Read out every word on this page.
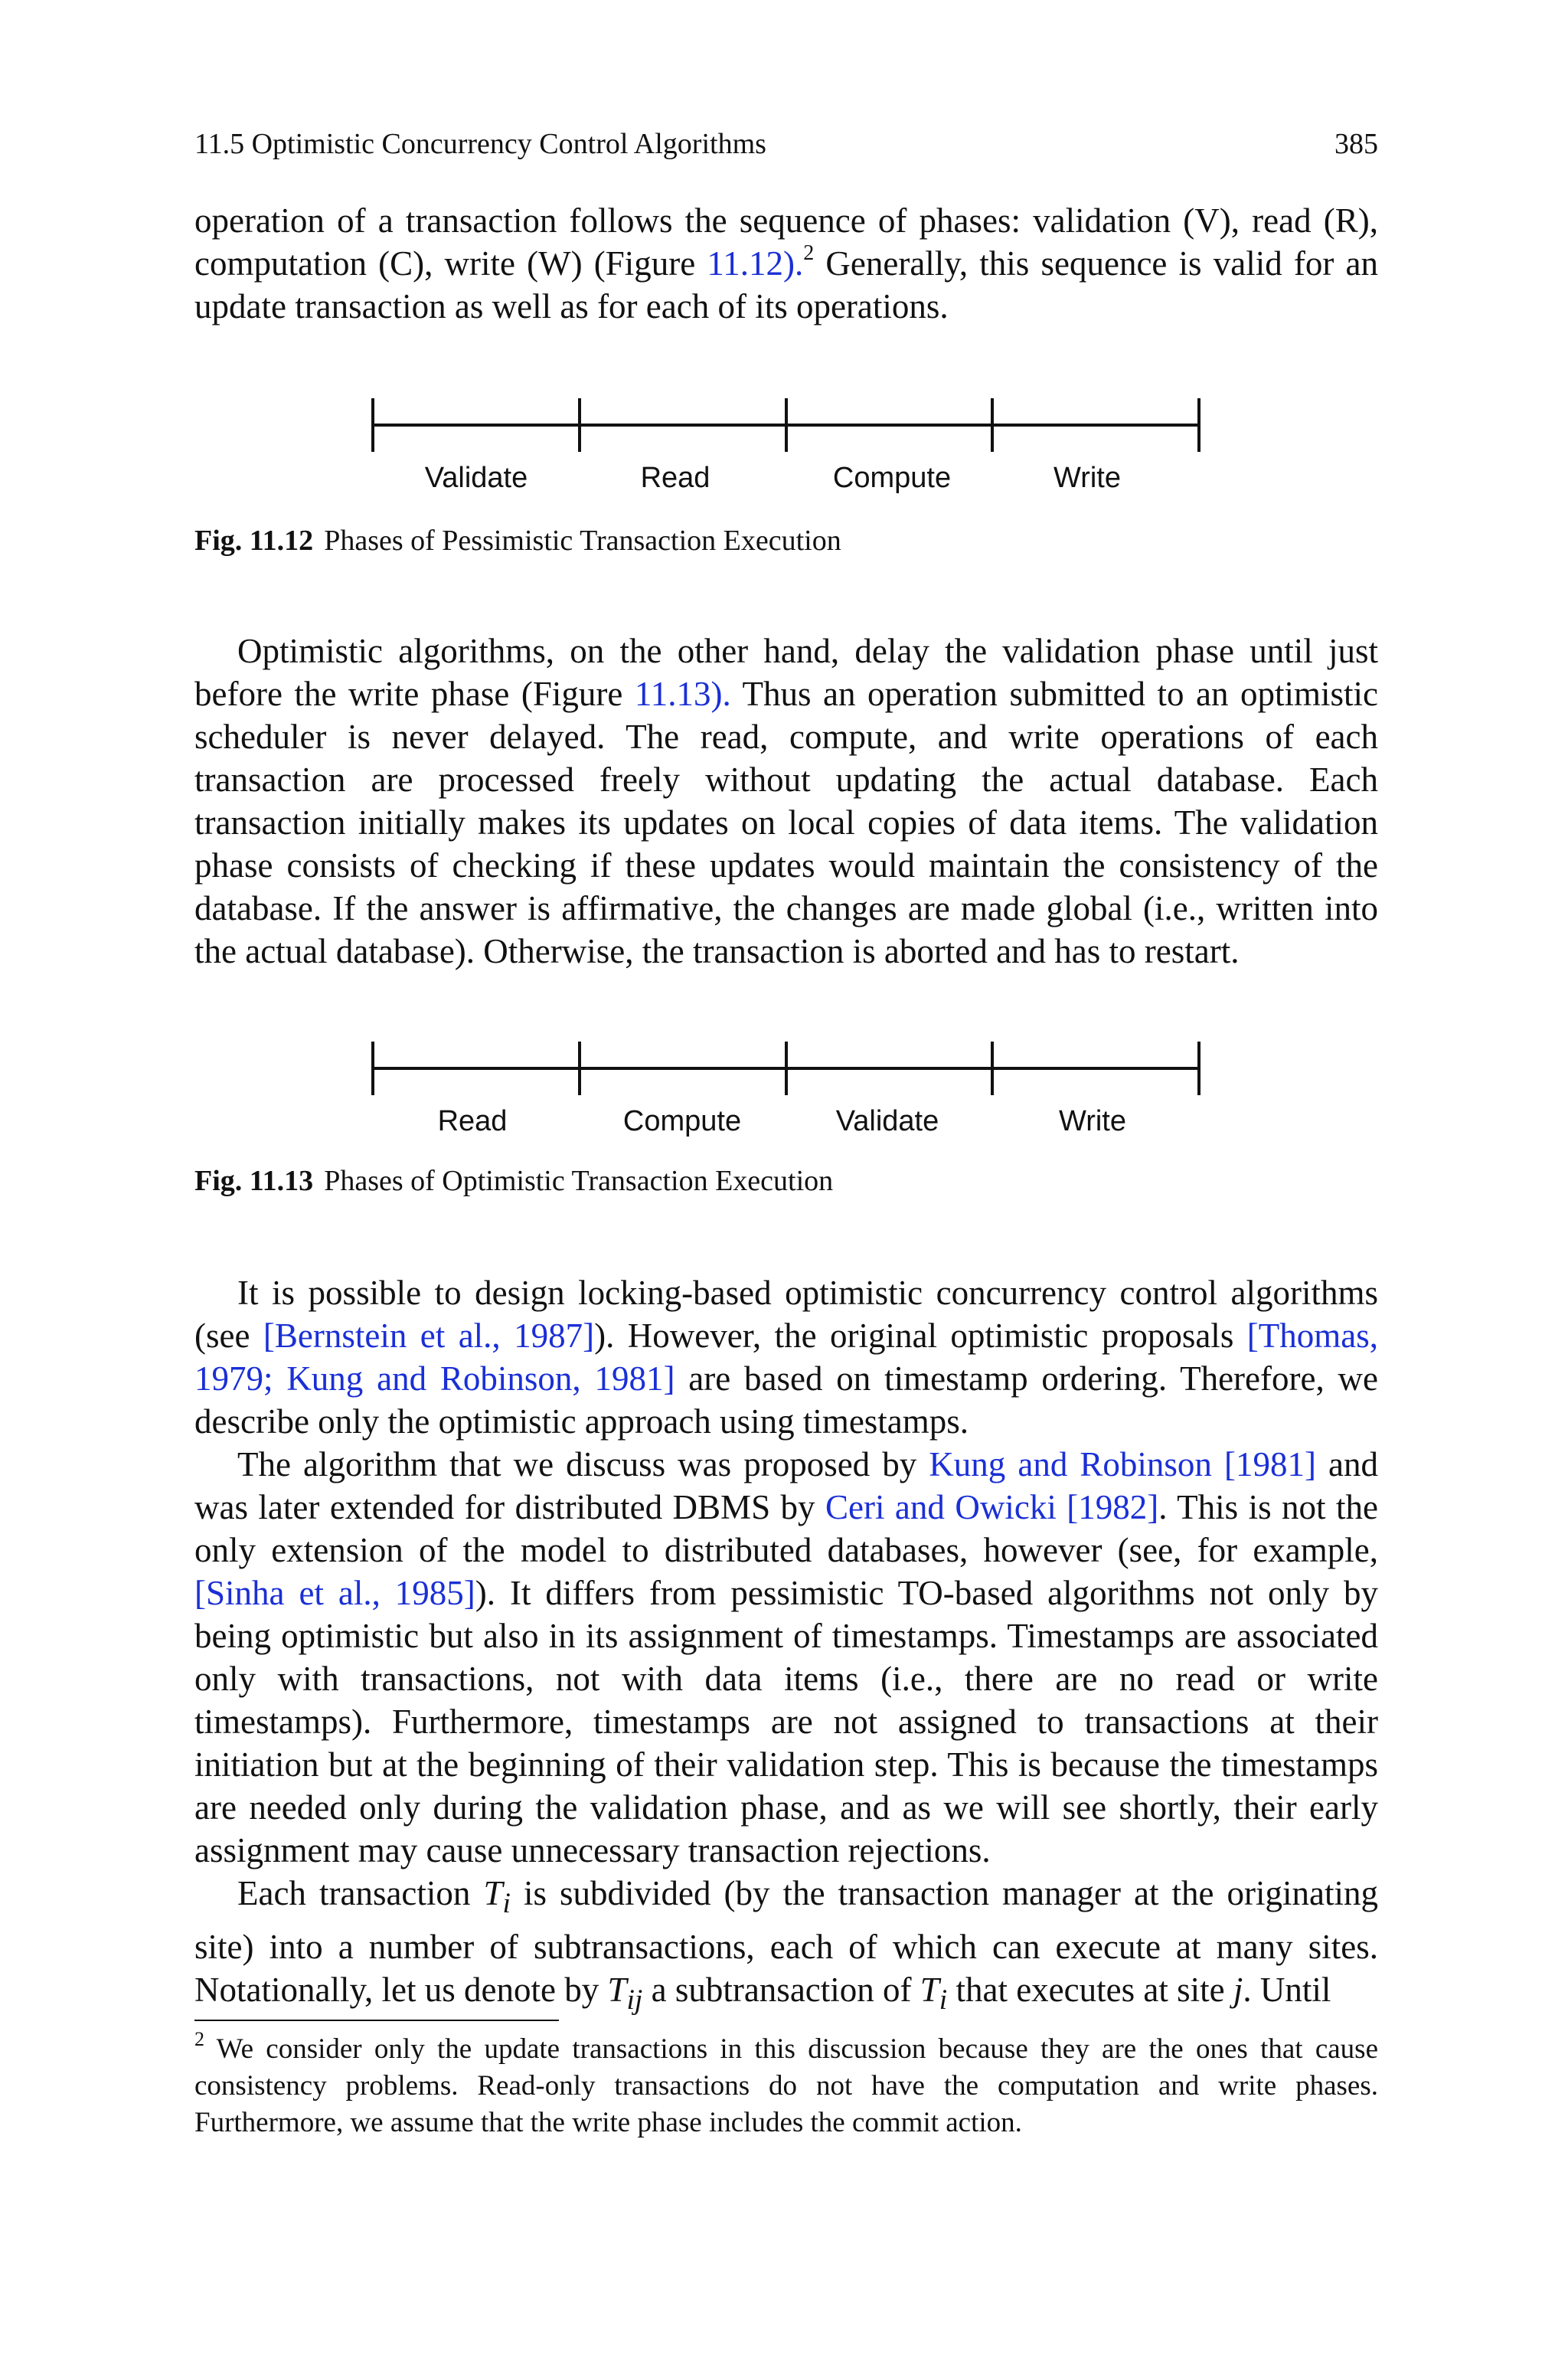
11.5 Optimistic Concurrency Control Algorithms	385

operation of a transaction follows the sequence of phases: validation (V), read (R), computation (C), write (W) (Figure 11.12).$^2$ Generally, this sequence is valid for an update transaction as well as for each of its operations.

Validate	Read	Compute	Write
Fig. 11.12 Phases of Pessimistic Transaction Execution

Optimistic algorithms, on the other hand, delay the validation phase until just before the write phase (Figure 11.13). Thus an operation submitted to an optimistic scheduler is never delayed. The read, compute, and write operations of each transaction are processed freely without updating the actual database. Each transaction initially makes its updates on local copies of data items. The validation phase consists of checking if these updates would maintain the consistency of the database. If the answer is affirmative, the changes are made global (i.e., written into the actual database). Otherwise, the transaction is aborted and has to restart.

Read	Compute	Validate	Write
Fig. 11.13 Phases of Optimistic Transaction Execution

It is possible to design locking-based optimistic concurrency control algorithms (see [Bernstein et al., 1987]). However, the original optimistic proposals [Thomas, 1979; Kung and Robinson, 1981] are based on timestamp ordering. Therefore, we describe only the optimistic approach using timestamps.

The algorithm that we discuss was proposed by Kung and Robinson [1981] and was later extended for distributed DBMS by Ceri and Owicki [1982]. This is not the only extension of the model to distributed databases, however (see, for example, [Sinha et al., 1985]). It differs from pessimistic TO-based algorithms not only by being optimistic but also in its assignment of timestamps. Timestamps are associated only with transactions, not with data items (i.e., there are no read or write timestamps). Furthermore, timestamps are not assigned to transactions at their initiation but at the beginning of their validation step. This is because the timestamps are needed only during the validation phase, and as we will see shortly, their early assignment may cause unnecessary transaction rejections.

Each transaction $T_i$ is subdivided (by the transaction manager at the originating site) into a number of subtransactions, each of which can execute at many sites. Notationally, let us denote by $T_{ij}$ a subtransaction of $T_i$ that executes at site j. Until

$^2$ We consider only the update transactions in this discussion because they are the ones that cause consistency problems. Read-only transactions do not have the computation and write phases. Furthermore, we assume that the write phase includes the commit action.
